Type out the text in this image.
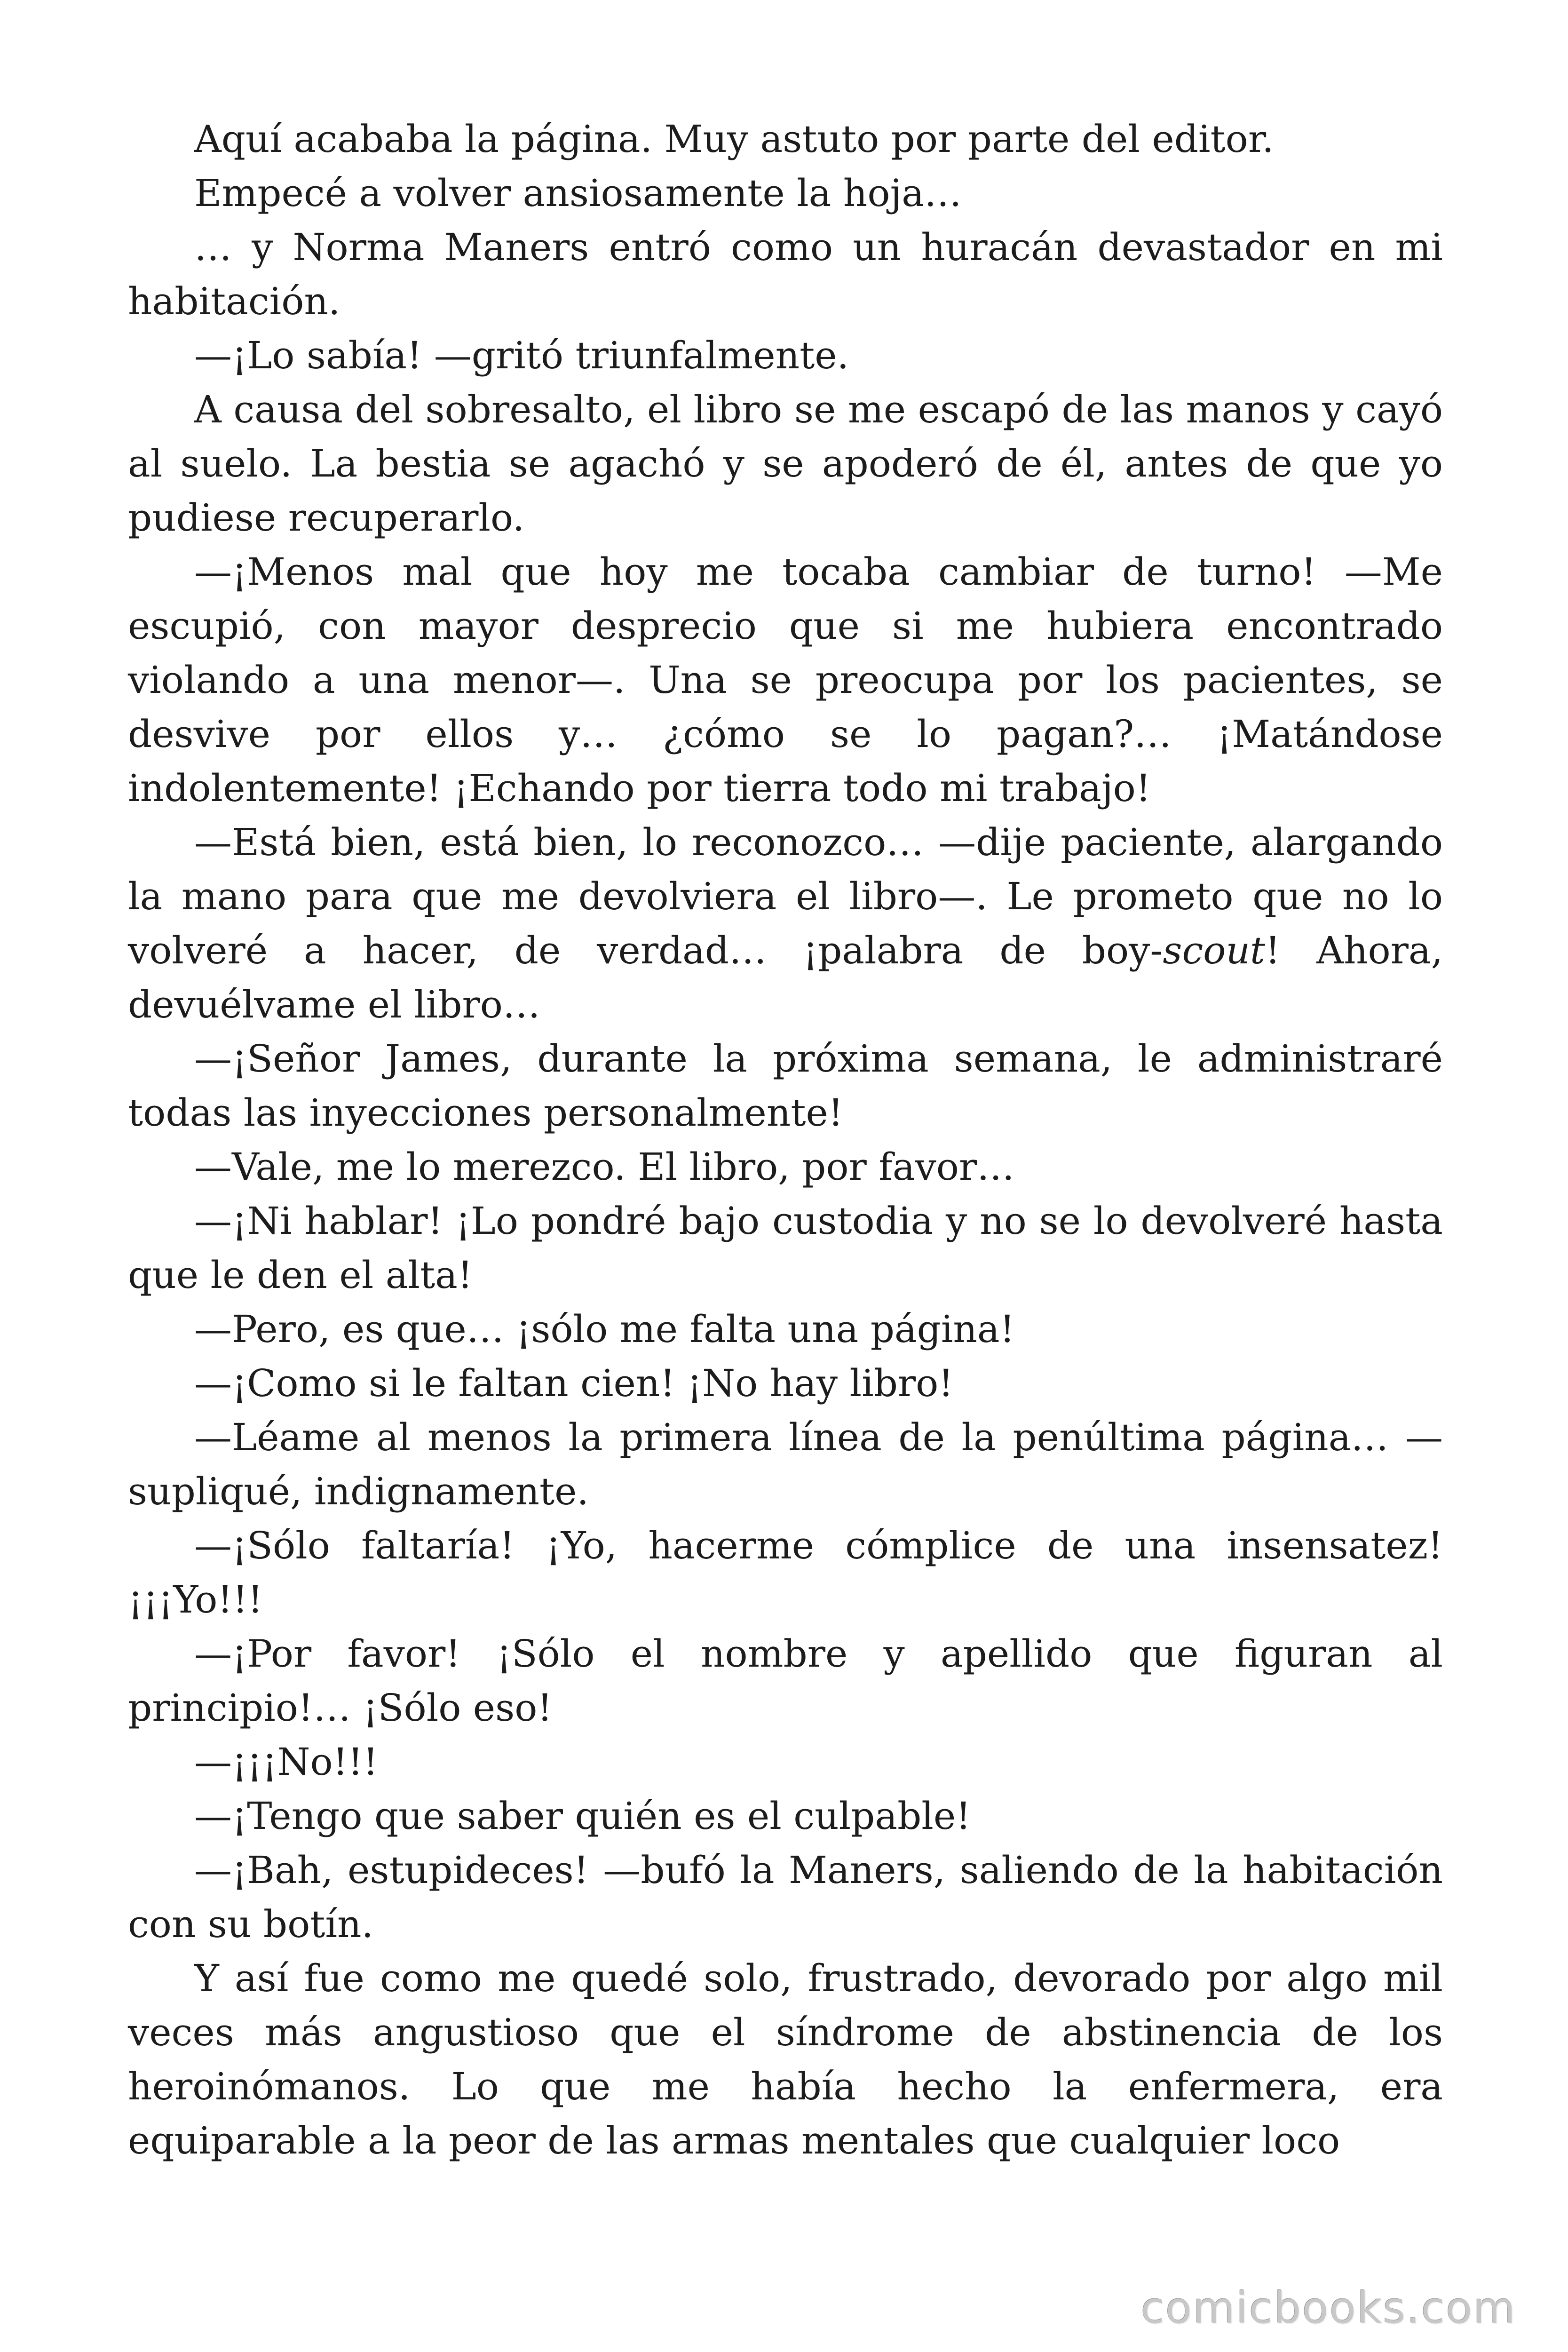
Aquí acababa la página. Muy astuto por parte del editor.

Empecé a volver ansiosamente la hoja…

… y Norma Maners entró como un huracán devastador en mi habitación.

—¡Lo sabía! —gritó triunfalmente.

A causa del sobresalto, el libro se me escapó de las manos y cayó al suelo. La bestia se agachó y se apoderó de él, antes de que yo pudiese recuperarlo.

—¡Menos mal que hoy me tocaba cambiar de turno! —Me escupió, con mayor desprecio que si me hubiera encontrado violando a una menor—. Una se preocupa por los pacientes, se desvive por ellos y… ¿cómo se lo pagan?… ¡Matándose indolentemente! ¡Echando por tierra todo mi trabajo!

—Está bien, está bien, lo reconozco… —dije paciente, alargando la mano para que me devolviera el libro—. Le prometo que no lo volveré a hacer, de verdad… ¡palabra de boy-scout! Ahora, devuélvame el libro…

—¡Señor James, durante la próxima semana, le administraré todas las inyecciones personalmente!

—Vale, me lo merezco. El libro, por favor…

—¡Ni hablar! ¡Lo pondré bajo custodia y no se lo devolveré hasta que le den el alta!

—Pero, es que… ¡sólo me falta una página!

—¡Como si le faltan cien! ¡No hay libro!

—Léame al menos la primera línea de la penúltima página… —supliqué, indignamente.

—¡Sólo faltaría! ¡Yo, hacerme cómplice de una insensatez! ¡¡¡Yo!!!

—¡Por favor! ¡Sólo el nombre y apellido que figuran al principio!… ¡Sólo eso!

—¡¡¡No!!!

—¡Tengo que saber quién es el culpable!

—¡Bah, estupideces! —bufó la Maners, saliendo de la habitación con su botín.

Y así fue como me quedé solo, frustrado, devorado por algo mil veces más angustioso que el síndrome de abstinencia de los heroinómanos. Lo que me había hecho la enfermera, era equiparable a la peor de las armas mentales que cualquier loco

comicbooks.com
